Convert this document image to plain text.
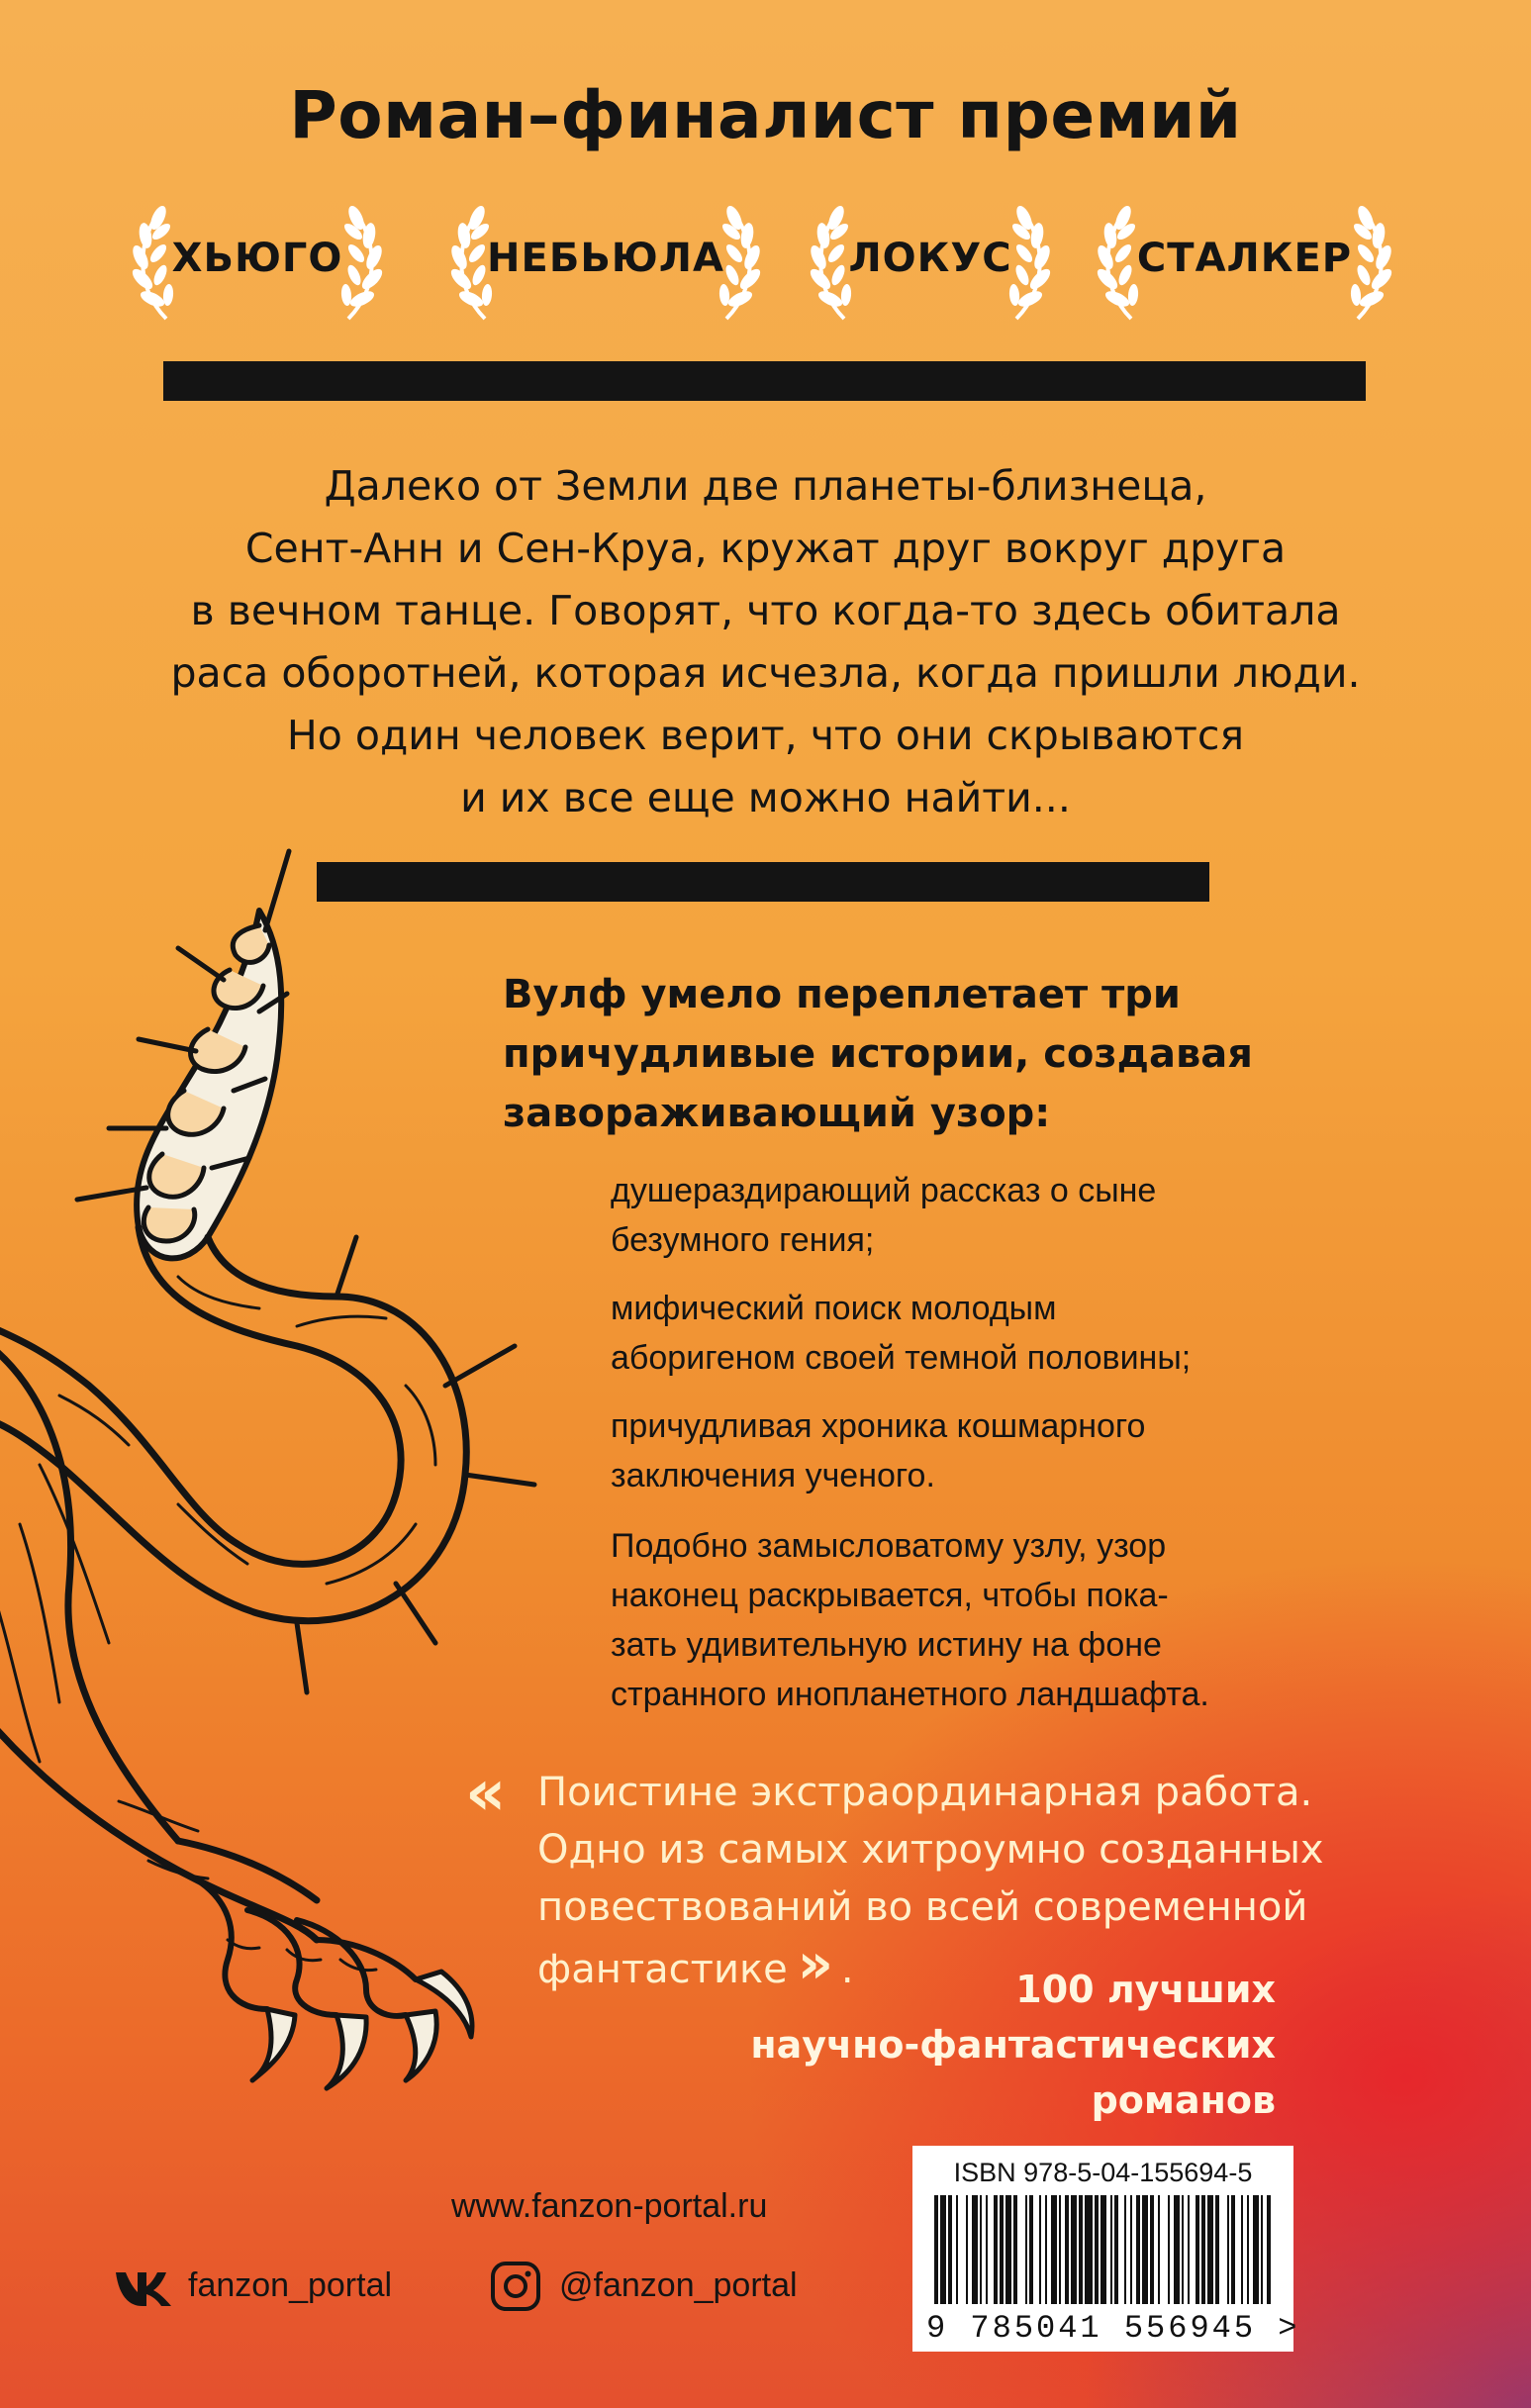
Роман–финалист премий
ХЬЮГО	НЕБЬЮЛА	ЛОКУС	СТАЛКЕР

Далеко от Земли две планеты-близнеца,
Сент-Анн и Сен-Круа, кружат друг вокруг друга
в вечном танце. Говорят, что когда-то здесь обитала
раса оборотней, которая исчезла, когда пришли люди.
Но один человек верит, что они скрываются
и их все еще можно найти...

Вулф умело переплетает три
причудливые истории, создавая
завораживающий узор:

душераздирающий рассказ о сыне
безумного гения;

мифический поиск молодым
аборигеном своей темной половины;

причудливая хроника кошмарного
заключения ученого.

Подобно замысловатому узлу, узор
наконец раскрывается, чтобы пока-
зать удивительную истину на фоне
странного инопланетного ландшафта.

« Поистине экстраординарная работа.
Одно из самых хитроумно созданных
повествований во всей современной
фантастике » .	100 лучших
научно-фантастических
романов

www.fanzon-portal.ru
fanzon_portal	@fanzon_portal
ISBN 978-5-04-155694-5
9 785041 556945 >
